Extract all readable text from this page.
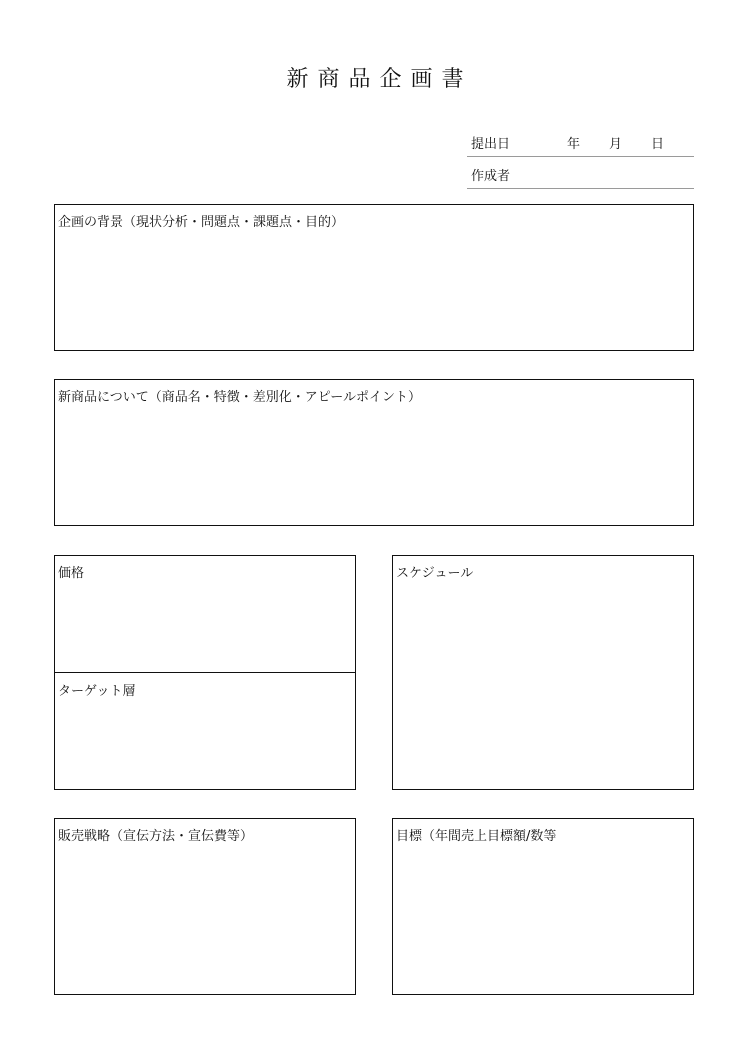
新商品企画書
提出日	年 月 日
作成者
企画の背景（現状分析・問題点・課題点・目的）
新商品について（商品名・特徴・差別化・アピールポイント）
価格
ターゲット層
スケジュール
販売戦略（宣伝方法・宣伝費等）	目標（年間売上目標額/数等
